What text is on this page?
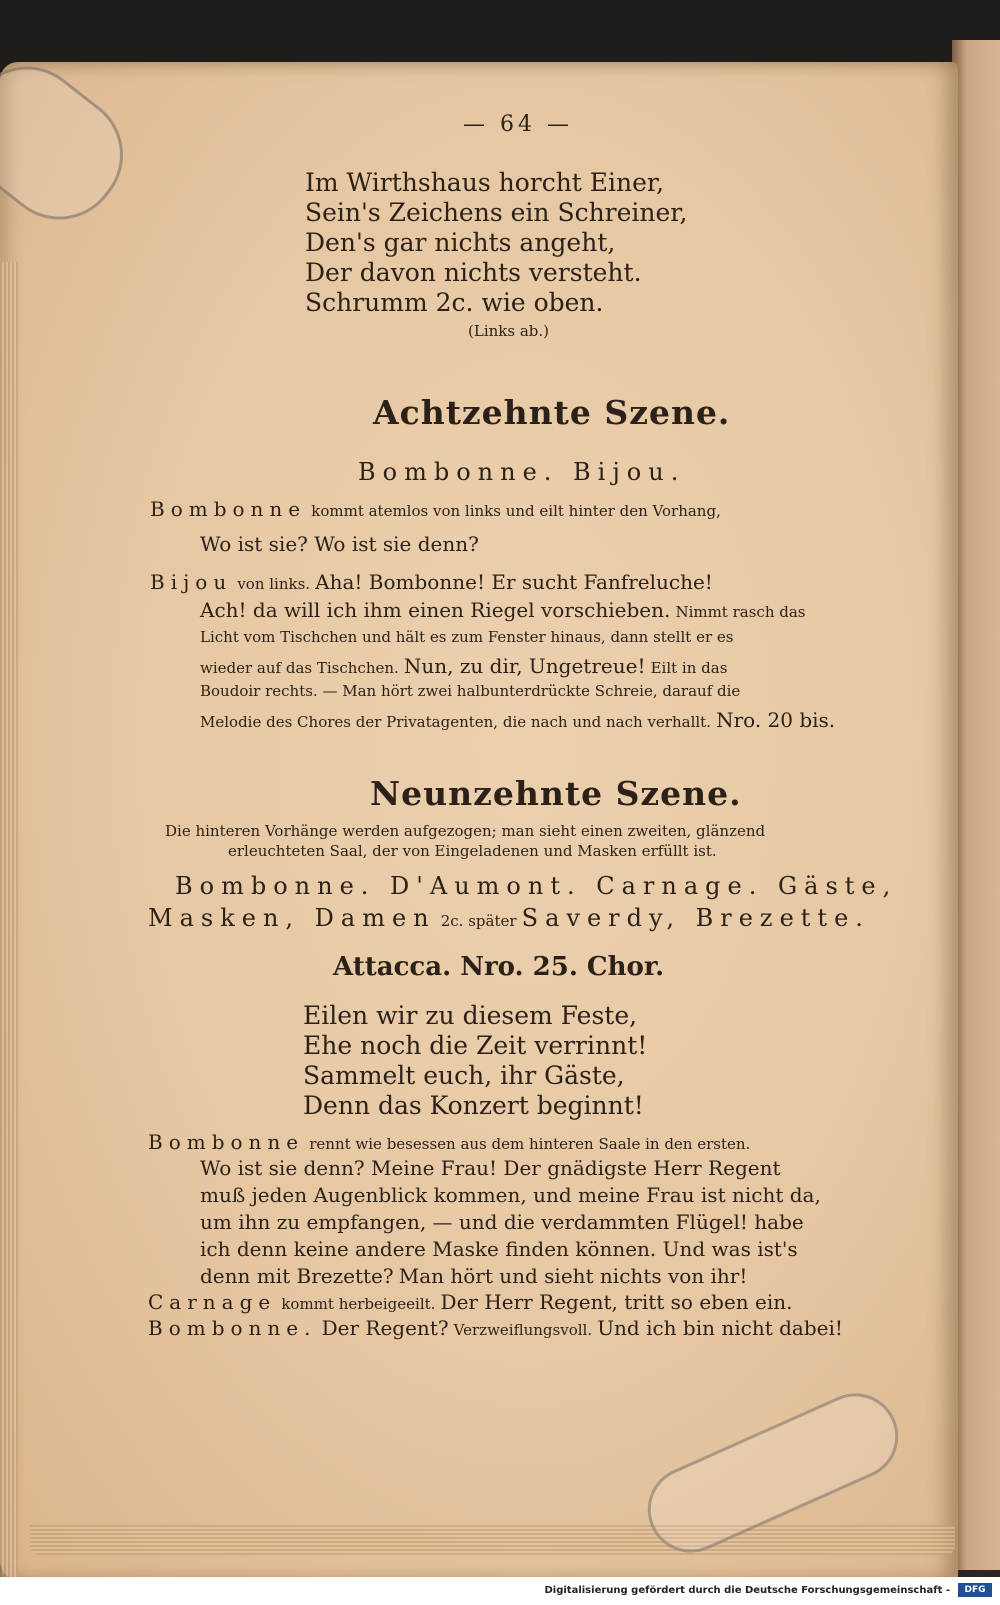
— 64 —
Im Wirthshaus horcht Einer,
Sein's Zeichens ein Schreiner,
Den's gar nichts angeht,
Der davon nichts versteht.
Schrumm 2c. wie oben.
(Links ab.)
Achtzehnte Szene.
Bombonne. Bijou.
Bombonne kommt atemlos von links und eilt hinter den Vorhang,
Wo ist sie? Wo ist sie denn?
Bijou von links. Aha! Bombonne! Er sucht Fanfreluche!
Ach! da will ich ihm einen Riegel vorschieben. Nimmt rasch das
Licht vom Tischchen und hält es zum Fenster hinaus, dann stellt er es
wieder auf das Tischchen. Nun, zu dir, Ungetreue! Eilt in das
Boudoir rechts. — Man hört zwei halbunterdrückte Schreie, darauf die
Melodie des Chores der Privatagenten, die nach und nach verhallt. Nro. 20 bis.
Neunzehnte Szene.
Die hinteren Vorhänge werden aufgezogen; man sieht einen zweiten, glänzend
erleuchteten Saal, der von Eingeladenen und Masken erfüllt ist.
Bombonne. D'Aumont. Carnage. Gäste,
Masken, Damen 2c. später Saverdy, Brezette.
Attacca. Nro. 25. Chor.
Eilen wir zu diesem Feste,
Ehe noch die Zeit verrinnt!
Sammelt euch, ihr Gäste,
Denn das Konzert beginnt!
Bombonne rennt wie besessen aus dem hinteren Saale in den ersten.
Wo ist sie denn? Meine Frau! Der gnädigste Herr Regent
muß jeden Augenblick kommen, und meine Frau ist nicht da,
um ihn zu empfangen, — und die verdammten Flügel! habe
ich denn keine andere Maske finden können. Und was ist's
denn mit Brezette? Man hört und sieht nichts von ihr!
Carnage kommt herbeigeeilt. Der Herr Regent, tritt so eben ein.
Bombonne. Der Regent? Verzweiflungsvoll. Und ich bin nicht dabei!
Digitalisierung gefördert durch die Deutsche Forschungsgemeinschaft -	DFG
